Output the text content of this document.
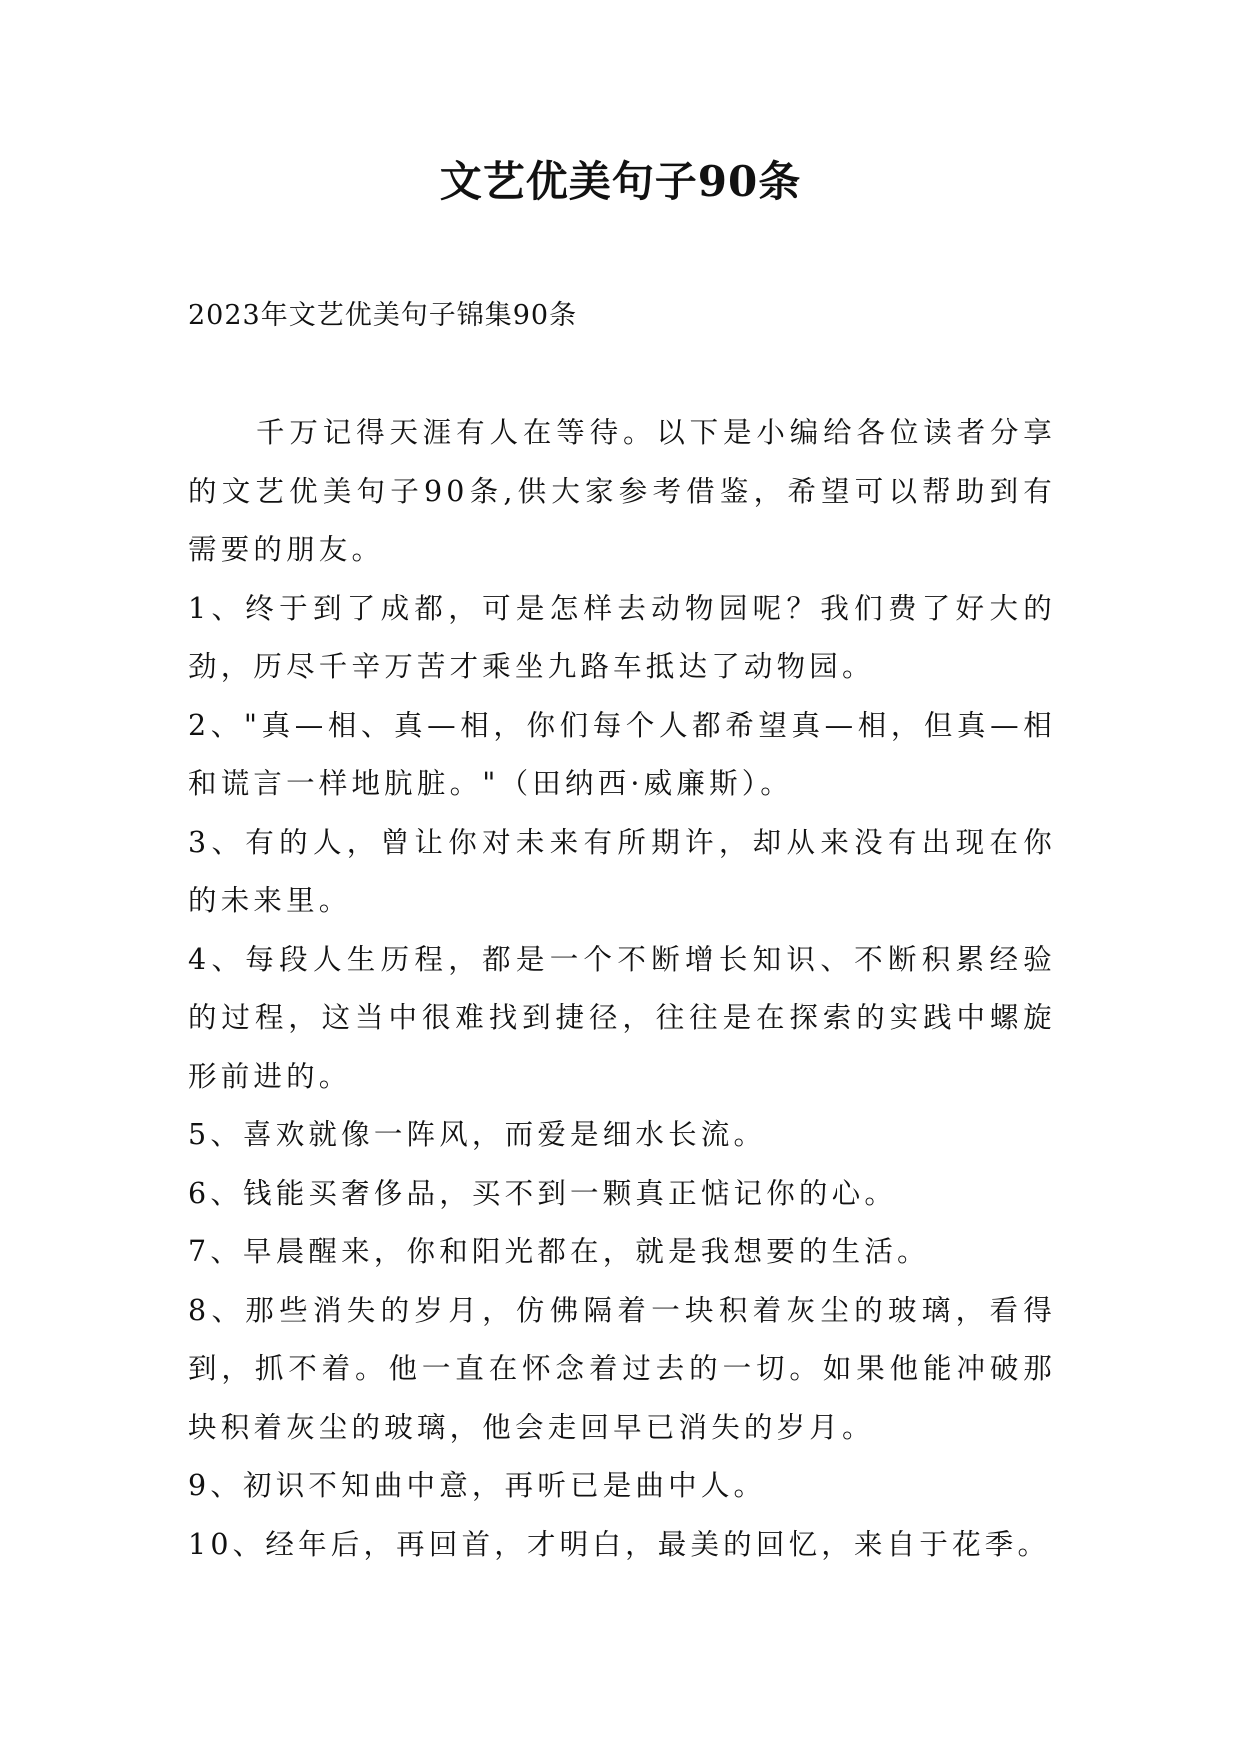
文艺优美句子90条

2023年文艺优美句子锦集90条

千万记得天涯有人在等待。以下是小编给各位读者分享的文艺优美句子90条,供大家参考借鉴，希望可以帮助到有需要的朋友。

1、终于到了成都，可是怎样去动物园呢？我们费了好大的劲，历尽千辛万苦才乘坐九路车抵达了动物园。

2、"真—相、真—相，你们每个人都希望真—相，但真—相和谎言一样地肮脏。"（田纳西·威廉斯）。

3、有的人，曾让你对未来有所期许，却从来没有出现在你的未来里。

4、每段人生历程，都是一个不断增长知识、不断积累经验的过程，这当中很难找到捷径，往往是在探索的实践中螺旋形前进的。

5、喜欢就像一阵风，而爱是细水长流。

6、钱能买奢侈品，买不到一颗真正惦记你的心。

7、早晨醒来，你和阳光都在，就是我想要的生活。

8、那些消失的岁月，仿佛隔着一块积着灰尘的玻璃，看得到，抓不着。他一直在怀念着过去的一切。如果他能冲破那块积着灰尘的玻璃，他会走回早已消失的岁月。

9、初识不知曲中意，再听已是曲中人。

10、经年后，再回首，才明白，最美的回忆，来自于花季。
